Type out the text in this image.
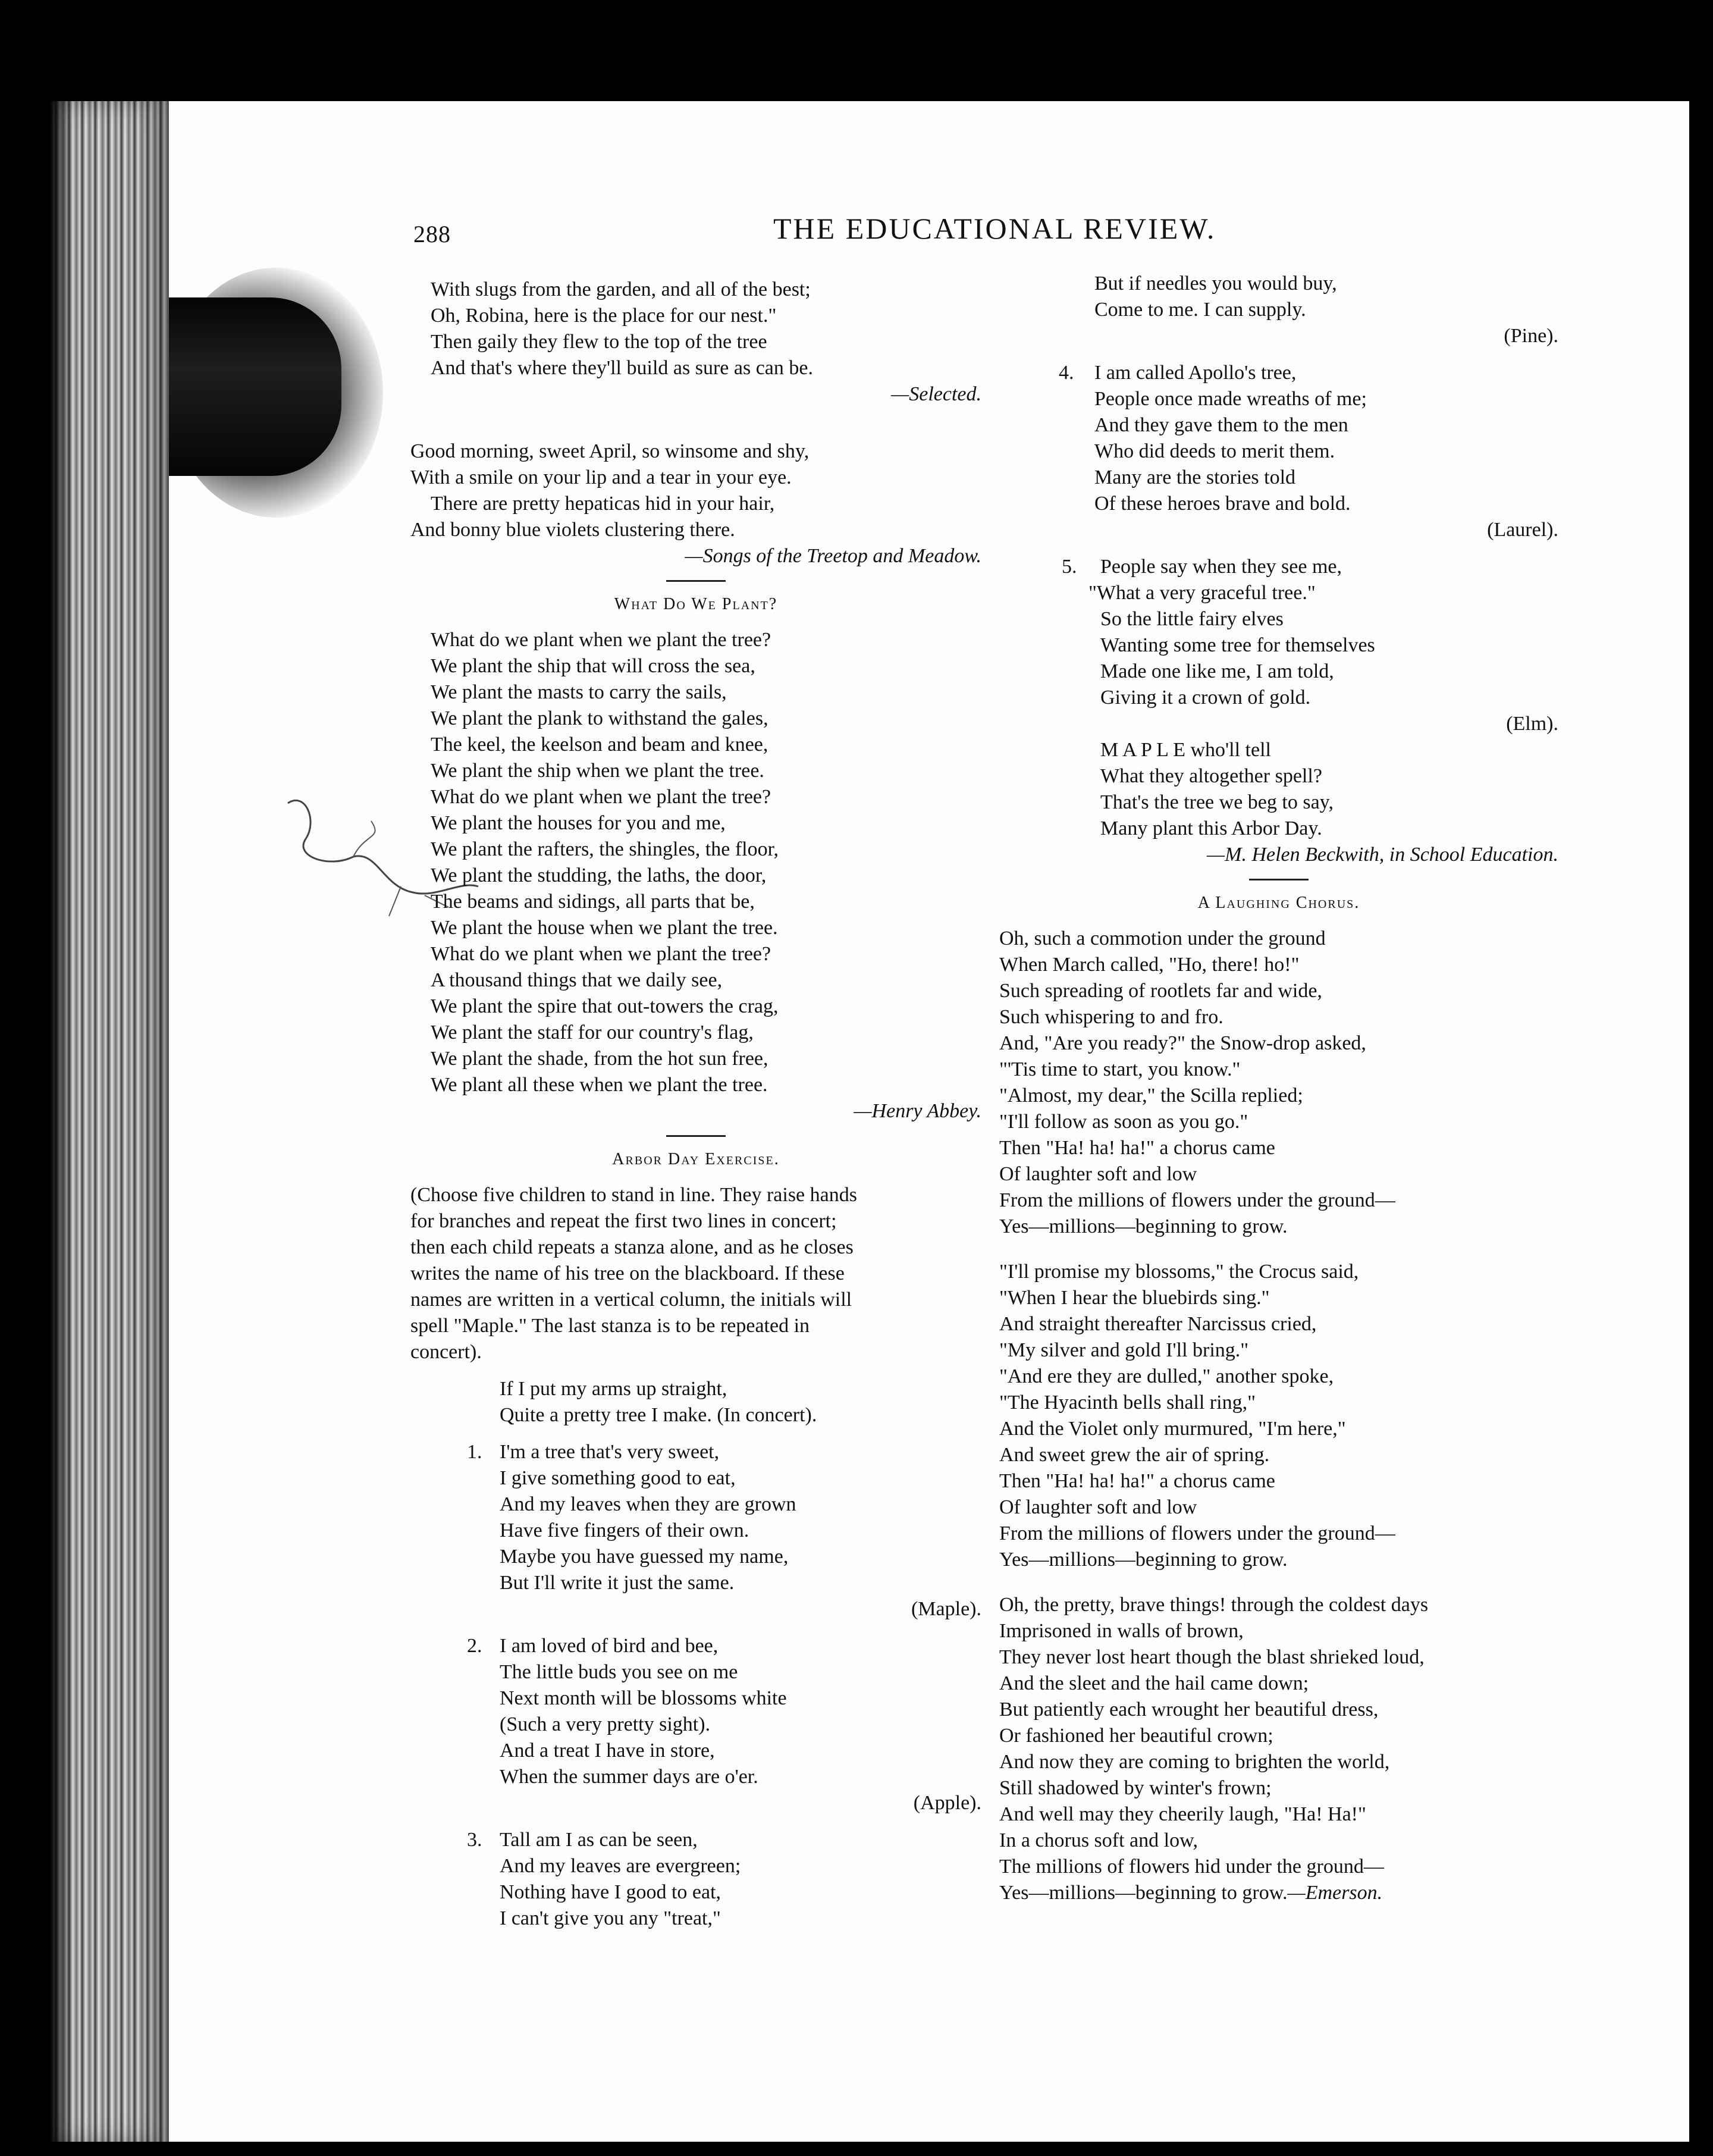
288	THE EDUCATIONAL REVIEW.
With slugs from the garden, and all of the best;
Oh, Robina, here is the place for our nest."
Then gaily they flew to the top of the tree
And that's where they'll build as sure as can be.
—Selected.
Good morning, sweet April, so winsome and shy,
With a smile on your lip and a tear in your eye.
There are pretty hepaticas hid in your hair,
And bonny blue violets clustering there.
—Songs of the Treetop and Meadow.
What Do We Plant?
What do we plant when we plant the tree?
We plant the ship that will cross the sea,
We plant the masts to carry the sails,
We plant the plank to withstand the gales,
The keel, the keelson and beam and knee,
We plant the ship when we plant the tree.
What do we plant when we plant the tree?
We plant the houses for you and me,
We plant the rafters, the shingles, the floor,
We plant the studding, the laths, the door,
The beams and sidings, all parts that be,
We plant the house when we plant the tree.
What do we plant when we plant the tree?
A thousand things that we daily see,
We plant the spire that out-towers the crag,
We plant the staff for our country's flag,
We plant the shade, from the hot sun free,
We plant all these when we plant the tree.
—Henry Abbey.
Arbor Day Exercise.
(Choose five children to stand in line. They raise hands
for branches and repeat the first two lines in concert;
then each child repeats a stanza alone, and as he closes
writes the name of his tree on the blackboard. If these
names are written in a vertical column, the initials will
spell "Maple." The last stanza is to be repeated in
concert).
If I put my arms up straight,
Quite a pretty tree I make. (In concert).
1. I'm a tree that's very sweet,
I give something good to eat,
And my leaves when they are grown
Have five fingers of their own.
Maybe you have guessed my name,
But I'll write it just the same.
(Maple).
2. I am loved of bird and bee,
The little buds you see on me
Next month will be blossoms white
(Such a very pretty sight).
And a treat I have in store,
When the summer days are o'er.
(Apple).
3. Tall am I as can be seen,
And my leaves are evergreen;
Nothing have I good to eat,
I can't give you any "treat,"
But if needles you would buy,
Come to me. I can supply.
(Pine).
4. I am called Apollo's tree,
People once made wreaths of me;
And they gave them to the men
Who did deeds to merit them.
Many are the stories told
Of these heroes brave and bold.
(Laurel).
5. People say when they see me,
"What a very graceful tree."
So the little fairy elves
Wanting some tree for themselves
Made one like me, I am told,
Giving it a crown of gold.
(Elm).
M A P L E who'll tell
What they altogether spell?
That's the tree we beg to say,
Many plant this Arbor Day.
—M. Helen Beckwith, in School Education.
A Laughing Chorus.
Oh, such a commotion under the ground
When March called, "Ho, there! ho!"
Such spreading of rootlets far and wide,
Such whispering to and fro.
And, "Are you ready?" the Snow-drop asked,
"'Tis time to start, you know."
"Almost, my dear," the Scilla replied;
"I'll follow as soon as you go."
Then "Ha! ha! ha!" a chorus came
Of laughter soft and low
From the millions of flowers under the ground—
Yes—millions—beginning to grow.
"I'll promise my blossoms," the Crocus said,
"When I hear the bluebirds sing."
And straight thereafter Narcissus cried,
"My silver and gold I'll bring."
"And ere they are dulled," another spoke,
"The Hyacinth bells shall ring,"
And the Violet only murmured, "I'm here,"
And sweet grew the air of spring.
Then "Ha! ha! ha!" a chorus came
Of laughter soft and low
From the millions of flowers under the ground—
Yes—millions—beginning to grow.
Oh, the pretty, brave things! through the coldest days
Imprisoned in walls of brown,
They never lost heart though the blast shrieked loud,
And the sleet and the hail came down;
But patiently each wrought her beautiful dress,
Or fashioned her beautiful crown;
And now they are coming to brighten the world,
Still shadowed by winter's frown;
And well may they cheerily laugh, "Ha! Ha!"
In a chorus soft and low,
The millions of flowers hid under the ground—
Yes—millions—beginning to grow.—Emerson.
